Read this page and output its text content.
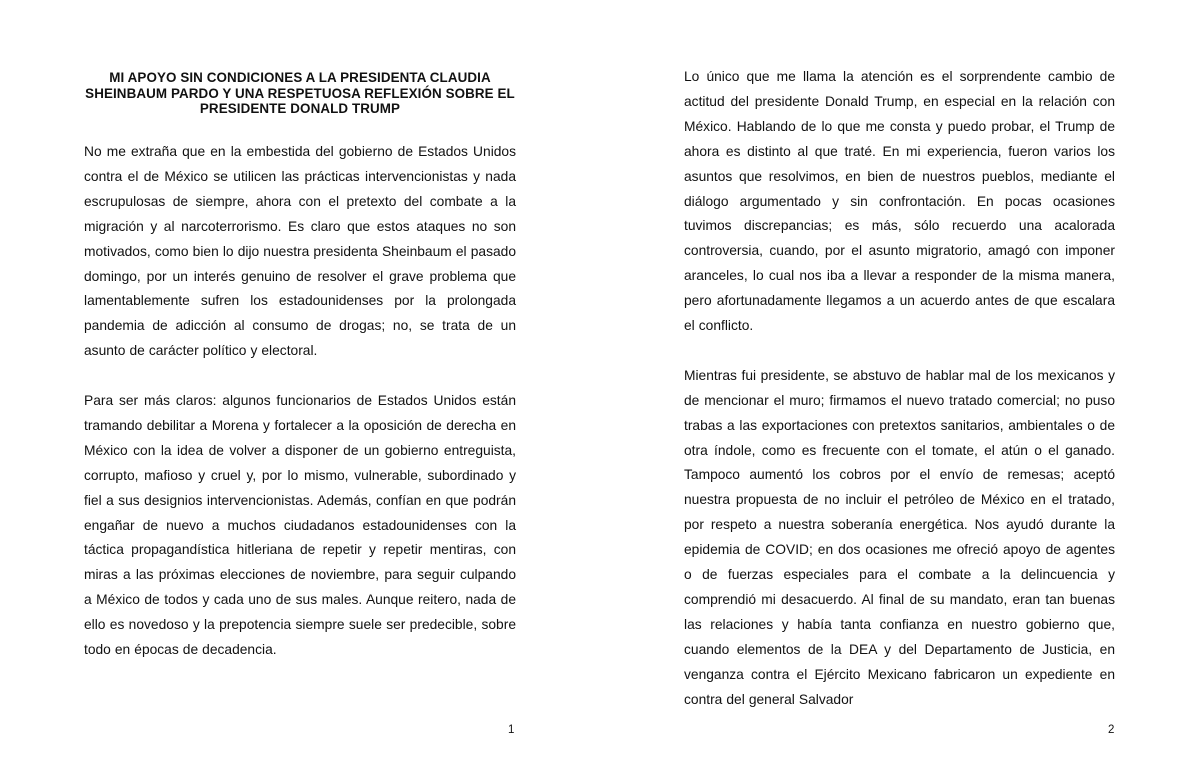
MI APOYO SIN CONDICIONES A LA PRESIDENTA CLAUDIA SHEINBAUM PARDO Y UNA RESPETUOSA REFLEXIÓN SOBRE EL PRESIDENTE DONALD TRUMP

No me extraña que en la embestida del gobierno de Estados Unidos contra el de México se utilicen las prácticas intervencionistas y nada escrupulosas de siempre, ahora con el pretexto del combate a la migración y al narcoterrorismo. Es claro que estos ataques no son motivados, como bien lo dijo nuestra presidenta Sheinbaum el pasado domingo, por un interés genuino de resolver el grave problema que lamentablemente sufren los estadounidenses por la prolongada pandemia de adicción al consumo de drogas; no, se trata de un asunto de carácter político y electoral.

Para ser más claros: algunos funcionarios de Estados Unidos están tramando debilitar a Morena y fortalecer a la oposición de derecha en México con la idea de volver a disponer de un gobierno entreguista, corrupto, mafioso y cruel y, por lo mismo, vulnerable, subordinado y fiel a sus designios intervencionistas. Además, confían en que podrán engañar de nuevo a muchos ciudadanos estadounidenses con la táctica propagandística hitleriana de repetir y repetir mentiras, con miras a las próximas elecciones de noviembre, para seguir culpando a México de todos y cada uno de sus males. Aunque reitero, nada de ello es novedoso y la prepotencia siempre suele ser predecible, sobre todo en épocas de decadencia.

1

Lo único que me llama la atención es el sorprendente cambio de actitud del presidente Donald Trump, en especial en la relación con México. Hablando de lo que me consta y puedo probar, el Trump de ahora es distinto al que traté. En mi experiencia, fueron varios los asuntos que resolvimos, en bien de nuestros pueblos, mediante el diálogo argumentado y sin confrontación. En pocas ocasiones tuvimos discrepancias; es más, sólo recuerdo una acalorada controversia, cuando, por el asunto migratorio, amagó con imponer aranceles, lo cual nos iba a llevar a responder de la misma manera, pero afortunadamente llegamos a un acuerdo antes de que escalara el conflicto.

Mientras fui presidente, se abstuvo de hablar mal de los mexicanos y de mencionar el muro; firmamos el nuevo tratado comercial; no puso trabas a las exportaciones con pretextos sanitarios, ambientales o de otra índole, como es frecuente con el tomate, el atún o el ganado. Tampoco aumentó los cobros por el envío de remesas; aceptó nuestra propuesta de no incluir el petróleo de México en el tratado, por respeto a nuestra soberanía energética. Nos ayudó durante la epidemia de COVID; en dos ocasiones me ofreció apoyo de agentes o de fuerzas especiales para el combate a la delincuencia y comprendió mi desacuerdo. Al final de su mandato, eran tan buenas las relaciones y había tanta confianza en nuestro gobierno que, cuando elementos de la DEA y del Departamento de Justicia, en venganza contra el Ejército Mexicano fabricaron un expediente en contra del general Salvador

2
